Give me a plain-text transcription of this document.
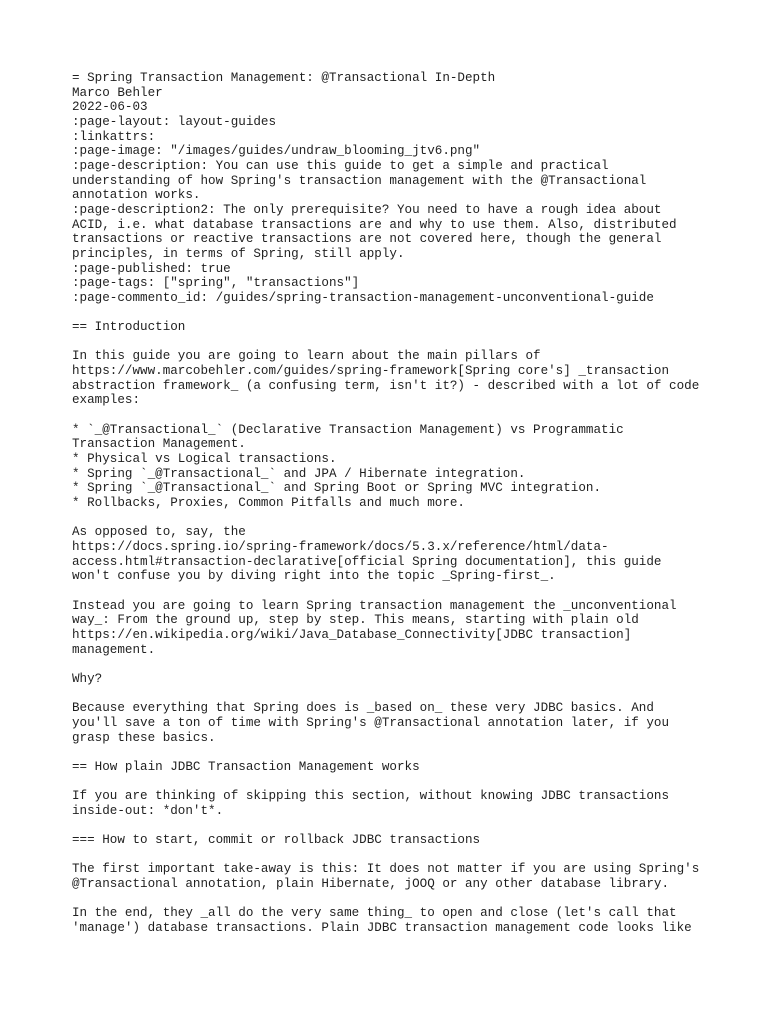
= Spring Transaction Management: @Transactional In-Depth
Marco Behler
2022-06-03
:page-layout: layout-guides
:linkattrs:
:page-image: "/images/guides/undraw_blooming_jtv6.png"
:page-description: You can use this guide to get a simple and practical
understanding of how Spring's transaction management with the @Transactional
annotation works.
:page-description2: The only prerequisite? You need to have a rough idea about
ACID, i.e. what database transactions are and why to use them. Also, distributed
transactions or reactive transactions are not covered here, though the general
principles, in terms of Spring, still apply.
:page-published: true
:page-tags: ["spring", "transactions"]
:page-commento_id: /guides/spring-transaction-management-unconventional-guide
== Introduction
In this guide you are going to learn about the main pillars of
https://www.marcobehler.com/guides/spring-framework[Spring core's] _transaction
abstraction framework_ (a confusing term, isn't it?) - described with a lot of code
examples:
* `_@Transactional_` (Declarative Transaction Management) vs Programmatic
Transaction Management.
* Physical vs Logical transactions.
* Spring `_@Transactional_` and JPA / Hibernate integration.
* Spring `_@Transactional_` and Spring Boot or Spring MVC integration.
* Rollbacks, Proxies, Common Pitfalls and much more.
As opposed to, say, the
https://docs.spring.io/spring-framework/docs/5.3.x/reference/html/data-
access.html#transaction-declarative[official Spring documentation], this guide
won't confuse you by diving right into the topic _Spring-first_.
Instead you are going to learn Spring transaction management the _unconventional
way_: From the ground up, step by step. This means, starting with plain old
https://en.wikipedia.org/wiki/Java_Database_Connectivity[JDBC transaction]
management.
Why?
Because everything that Spring does is _based on_ these very JDBC basics. And
you'll save a ton of time with Spring's @Transactional annotation later, if you
grasp these basics.
== How plain JDBC Transaction Management works
If you are thinking of skipping this section, without knowing JDBC transactions
inside-out: *don't*.
=== How to start, commit or rollback JDBC transactions
The first important take-away is this: It does not matter if you are using Spring's
@Transactional annotation, plain Hibernate, jOOQ or any other database library.
In the end, they _all do the very same thing_ to open and close (let's call that
'manage') database transactions. Plain JDBC transaction management code looks like
